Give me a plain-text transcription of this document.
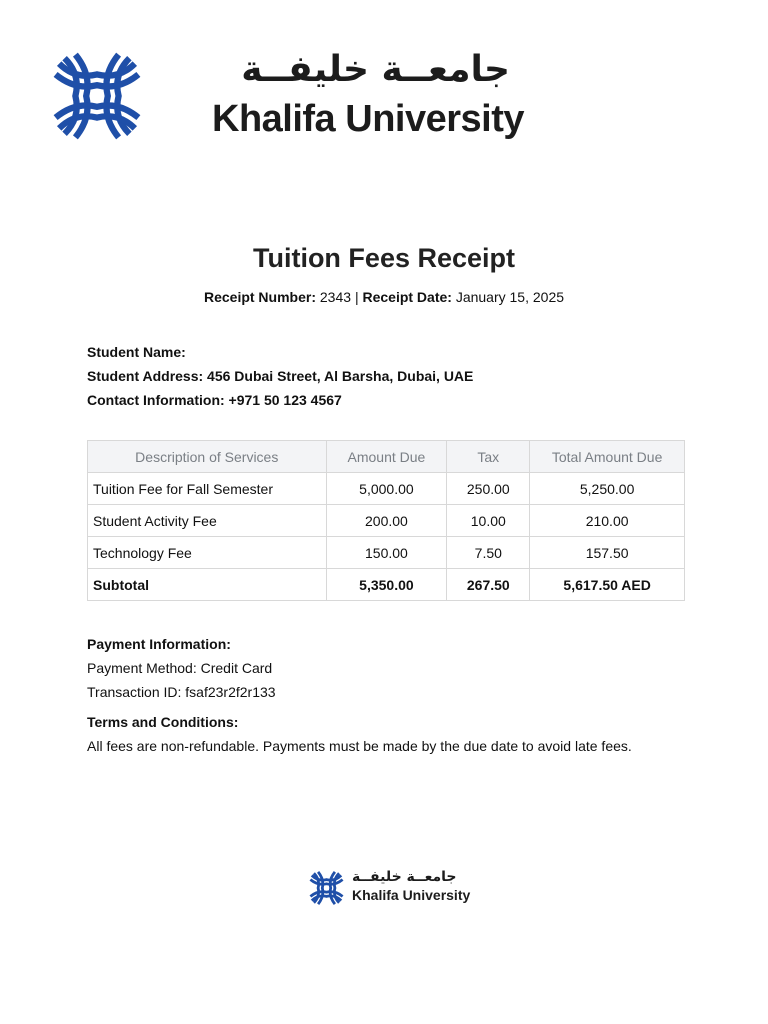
جامعــة خليفــة
Khalifa University
Tuition Fees Receipt
Receipt Number: 2343 | Receipt Date: January 15, 2025
Student Name:
Student Address: 456 Dubai Street, Al Barsha, Dubai, UAE
Contact Information: +971 50 123 4567
Description of Services	Amount Due	Tax	Total Amount Due
Tuition Fee for Fall Semester	5,000.00	250.00	5,250.00
Student Activity Fee	200.00	10.00	210.00
Technology Fee	150.00	7.50	157.50
Subtotal	5,350.00	267.50	5,617.50 AED
Payment Information:
Payment Method: Credit Card
Transaction ID: fsaf23r2f2r133
Terms and Conditions:
All fees are non-refundable. Payments must be made by the due date to avoid late fees.
جامعــة خليفــة
Khalifa University
